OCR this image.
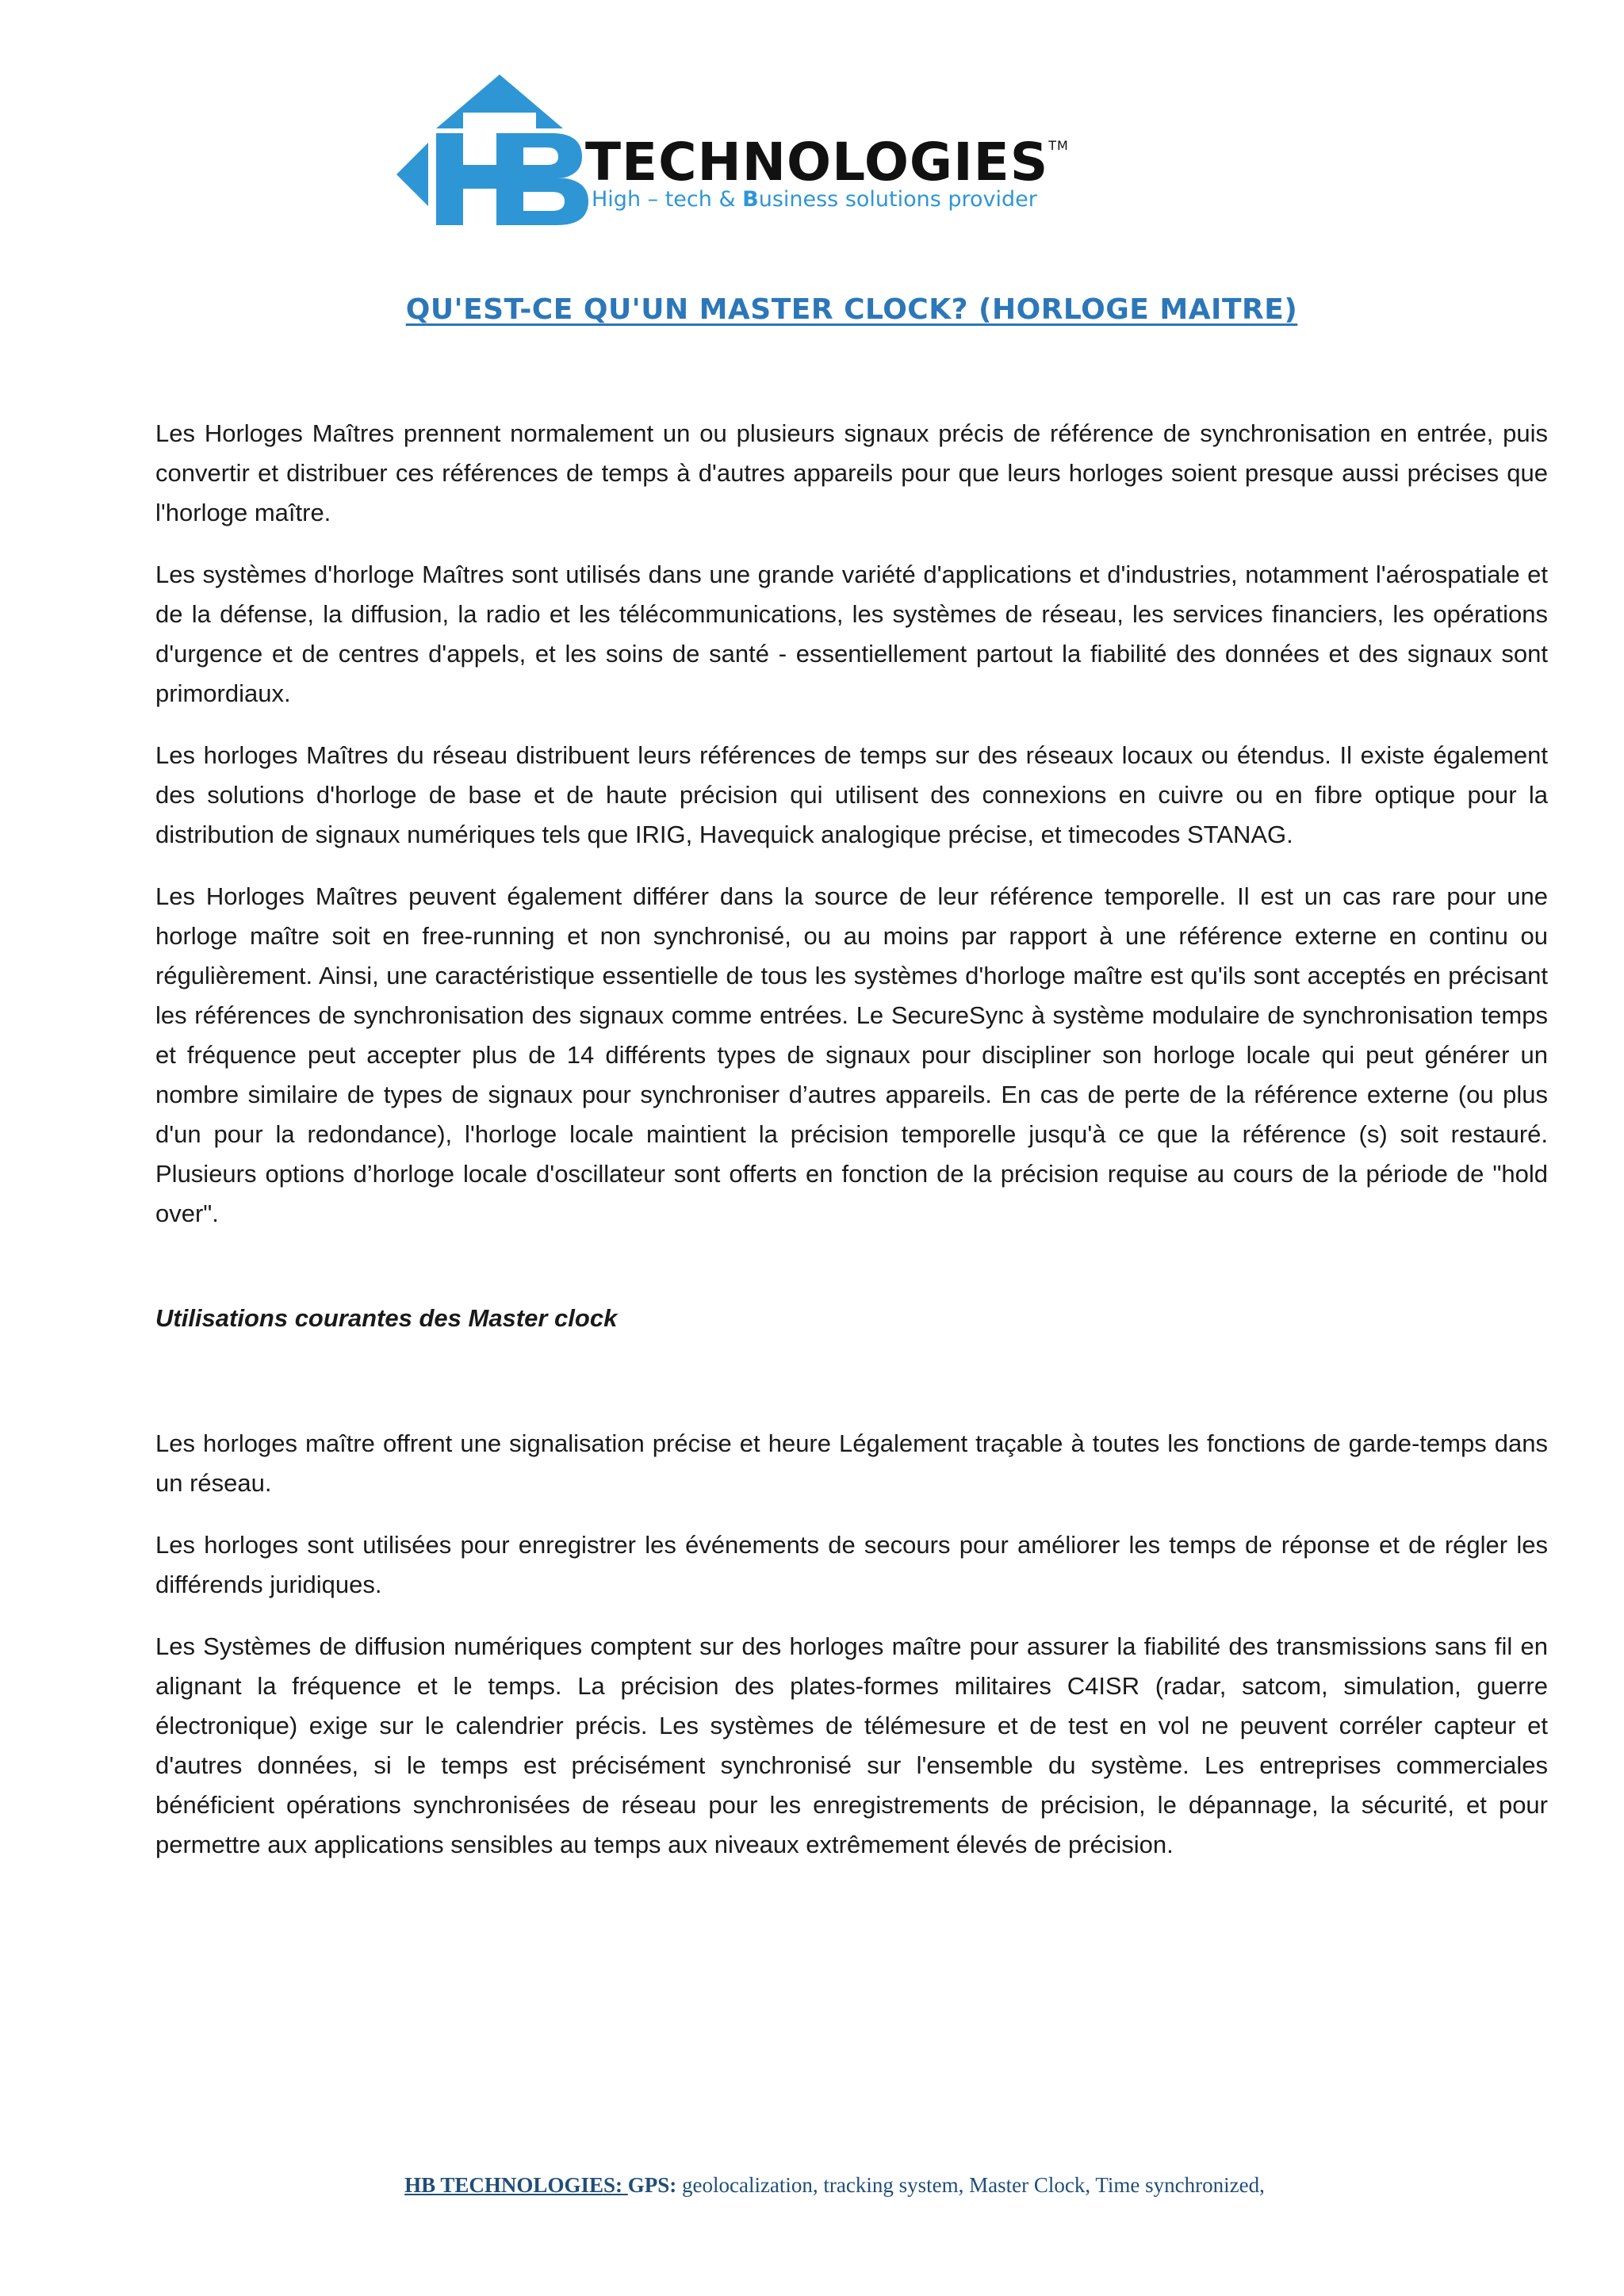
TECHNOLOGIES™
High – tech & Business solutions provider
QU'EST-CE QU'UN MASTER CLOCK? (HORLOGE MAITRE)

Les Horloges Maîtres prennent normalement un ou plusieurs signaux précis de référence de synchronisation en entrée, puis convertir et distribuer ces références de temps à d'autres appareils pour que leurs horloges soient presque aussi précises que l'horloge maître.

Les systèmes d'horloge Maîtres sont utilisés dans une grande variété d'applications et d'industries, notamment l'aérospatiale et de la défense, la diffusion, la radio et les télécommunications, les systèmes de réseau, les services financiers, les opérations d'urgence et de centres d'appels, et les soins de santé - essentiellement partout la fiabilité des données et des signaux sont primordiaux.

Les horloges Maîtres du réseau distribuent leurs références de temps sur des réseaux locaux ou étendus. Il existe également des solutions d'horloge de base et de haute précision qui utilisent des connexions en cuivre ou en fibre optique pour la distribution de signaux numériques tels que IRIG, Havequick analogique précise, et timecodes STANAG.

Les Horloges Maîtres peuvent également différer dans la source de leur référence temporelle. Il est un cas rare pour une horloge maître soit en free-running et non synchronisé, ou au moins par rapport à une référence externe en continu ou régulièrement. Ainsi, une caractéristique essentielle de tous les systèmes d'horloge maître est qu'ils sont acceptés en précisant les références de synchronisation des signaux comme entrées. Le SecureSync à système modulaire de synchronisation temps et fréquence peut accepter plus de 14 différents types de signaux pour discipliner son horloge locale qui peut générer un nombre similaire de types de signaux pour synchroniser d’autres appareils. En cas de perte de la référence externe (ou plus d'un pour la redondance), l'horloge locale maintient la précision temporelle jusqu'à ce que la référence (s) soit restauré. Plusieurs options d’horloge locale d'oscillateur sont offerts en fonction de la précision requise au cours de la période de "hold over".

Utilisations courantes des Master clock

Les horloges maître offrent une signalisation précise et heure Légalement traçable à toutes les fonctions de garde-temps dans un réseau.

Les horloges sont utilisées pour enregistrer les événements de secours pour améliorer les temps de réponse et de régler les différends juridiques.

Les Systèmes de diffusion numériques comptent sur des horloges maître pour assurer la fiabilité des transmissions sans fil en alignant la fréquence et le temps. La précision des plates-formes militaires C4ISR (radar, satcom, simulation, guerre électronique) exige sur le calendrier précis. Les systèmes de télémesure et de test en vol ne peuvent corréler capteur et d'autres données, si le temps est précisément synchronisé sur l'ensemble du système. Les entreprises commerciales bénéficient opérations synchronisées de réseau pour les enregistrements de précision, le dépannage, la sécurité, et pour permettre aux applications sensibles au temps aux niveaux extrêmement élevés de précision.

HB TECHNOLOGIES: GPS: geolocalization, tracking system, Master Clock, Time synchronized,
